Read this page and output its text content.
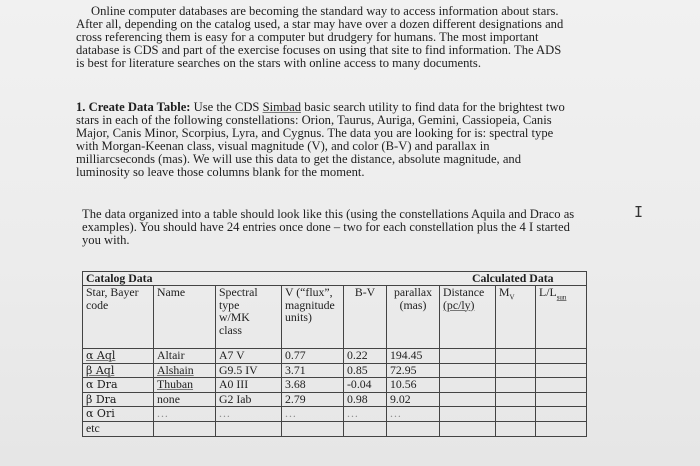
Online computer databases are becoming the standard way to access information about stars.
After all, depending on the catalog used, a star may have over a dozen different designations and
cross referencing them is easy for a computer but drudgery for humans. The most important
database is CDS and part of the exercise focuses on using that site to find information. The ADS
is best for literature searches on the stars with online access to many documents.
1. Create Data Table: Use the CDS Simbad basic search utility to find data for the brightest two
stars in each of the following constellations: Orion, Taurus, Auriga, Gemini, Cassiopeia, Canis
Major, Canis Minor, Scorpius, Lyra, and Cygnus. The data you are looking for is: spectral type
with Morgan-Keenan class, visual magnitude (V), and color (B-V) and parallax in
milliarcseconds (mas). We will use this data to get the distance, absolute magnitude, and
luminosity so leave those columns blank for the moment.
The data organized into a table should look like this (using the constellations Aquila and Draco as
examples). You should have 24 entries once done – two for each constellation plus the 4 I started
you with.
I
Catalog Data						Calculated Data		

Star, Bayer
code	Name	Spectral
type
w/MK
class	V (“flux”,
magnitude
units)	B-V	parallax
(mas)	Distance
(pc/ly)	$M_V$	$L/L_{sun}$
α Aql	Altair	A7 V	0.77	0.22	194.45			
β Aql	Alshain	G9.5 IV	3.71	0.85	72.95			
α Dra	Thuban	A0 III	3.68	-0.04	10.56			
β Dra	none	G2 Iab	2.79	0.98	9.02			
α Ori	...	...	...	...	...			
etc								
